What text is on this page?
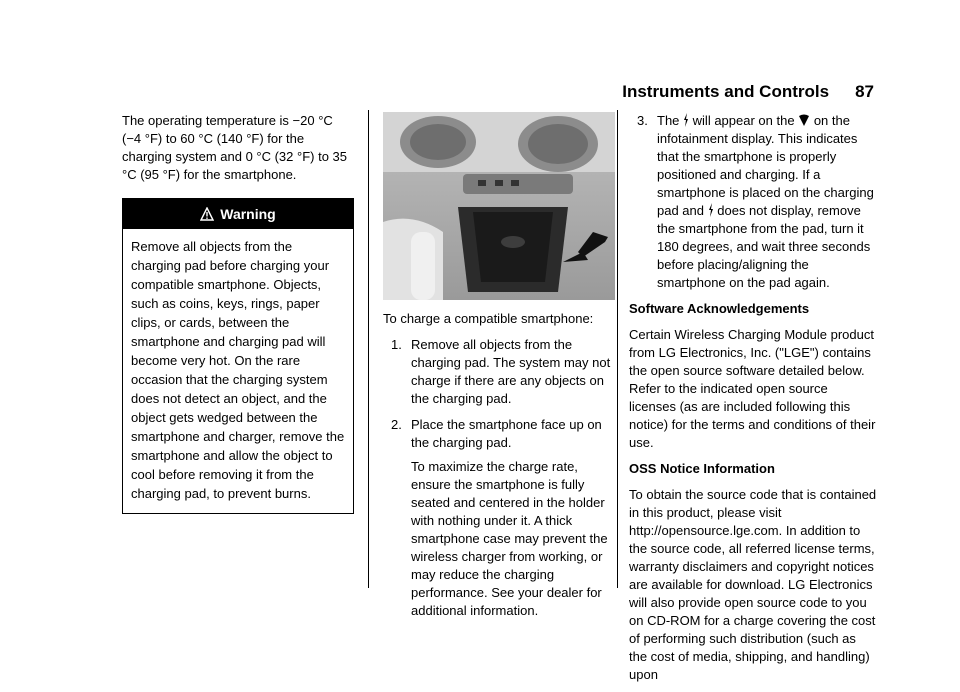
Instruments and Controls 87

The operating temperature is −20 °C (−4 °F) to 60 °C (140 °F) for the charging system and 0 °C (32 °F) to 35 °C (95 °F) for the smartphone.

Warning
Remove all objects from the charging pad before charging your compatible smartphone. Objects, such as coins, keys, rings, paper clips, or cards, between the smartphone and charging pad will become very hot. On the rare occasion that the charging system does not detect an object, and the object gets wedged between the smartphone and charger, remove the smartphone and allow the object to cool before removing it from the charging pad, to prevent burns.

To charge a compatible smartphone:

1. Remove all objects from the charging pad. The system may not charge if there are any objects on the charging pad.
2. Place the smartphone face up on the charging pad.

To maximize the charge rate, ensure the smartphone is fully seated and centered in the holder with nothing under it. A thick smartphone case may prevent the wireless charger from working, or may reduce the charging performance. See your dealer for additional information.

3. The will appear on the on the infotainment display. This indicates that the smartphone is properly positioned and charging. If a smartphone is placed on the charging pad and does not display, remove the smartphone from the pad, turn it 180 degrees, and wait three seconds before placing/aligning the smartphone on the pad again.

Software Acknowledgements

Certain Wireless Charging Module product from LG Electronics, Inc. ("LGE") contains the open source software detailed below. Refer to the indicated open source licenses (as are included following this notice) for the terms and conditions of their use.

OSS Notice Information

To obtain the source code that is contained in this product, please visit http://opensource.lge.com. In addition to the source code, all referred license terms, warranty disclaimers and copyright notices are available for download. LG Electronics will also provide open source code to you on CD-ROM for a charge covering the cost of performing such distribution (such as the cost of media, shipping, and handling) upon
